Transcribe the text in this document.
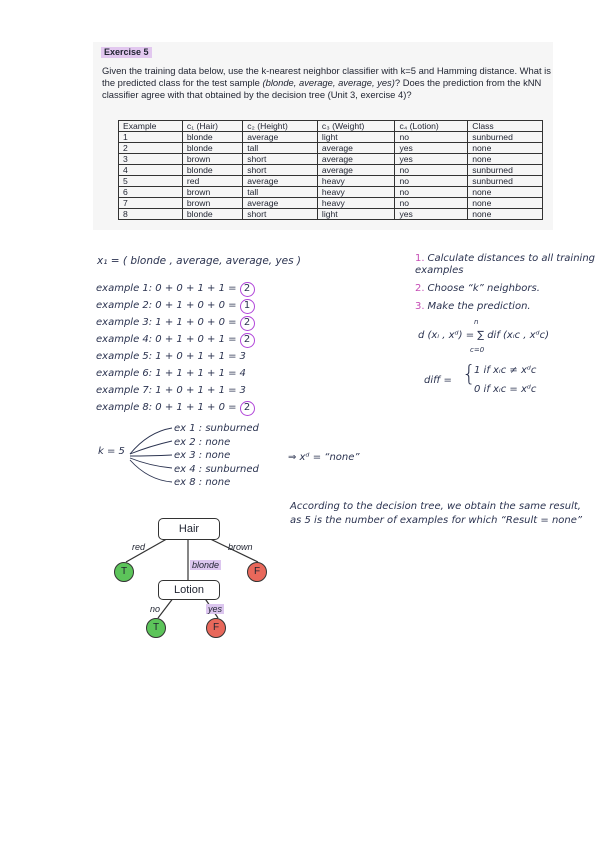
Exercise 5
Given the training data below, use the k-nearest neighbor classifier with k=5 and Hamming distance. What is the predicted class for the test sample (blonde, average, average, yes)? Does the prediction from the kNN classifier agree with that obtained by the decision tree (Unit 3, exercise 4)?
Example	c₁ (Hair)	c₂ (Height)	c₃ (Weight)	c₄ (Lotion)	Class
1	blonde	average	light	no	sunburned
2	blonde	tall	average	yes	none
3	brown	short	average	yes	none
4	blonde	short	average	no	sunburned
5	red	average	heavy	no	sunburned
6	brown	tall	heavy	no	none
7	brown	average	heavy	no	none
8	blonde	short	light	yes	none
x₁ = ( blonde , average, average, yes )
example 1: 0 + 0 + 1 + 1 = 2
example 2: 0 + 1 + 0 + 0 = 1
example 3: 1 + 1 + 0 + 0 = 2
example 4: 0 + 1 + 0 + 1 = 2
example 5: 1 + 0 + 1 + 1 = 3
example 6: 1 + 1 + 1 + 1 = 4
example 7: 1 + 0 + 1 + 1 = 3
example 8: 0 + 1 + 1 + 0 = 2
1. Calculate distances to all training examples
2. Choose “k” neighbors.
3. Make the prediction.
n
d (xᵢ , xᵈ) = ∑ dif (xᵢc , xᵈc)
c=0
diff = {
1 if xᵢc ≠ xᵈc
0 if xᵢc = xᵈc
k = 5
ex 1 : sunburned
ex 2 : none
ex 3 : none
ex 4 : sunburned
ex 8 : none
⇒ xᵈ = “none”
According to the decision tree, we obtain the same result, as 5 is the number of examples for which “Result = none”
Hair
red	brown
blonde
T	F
Lotion
no	yes
T	F
